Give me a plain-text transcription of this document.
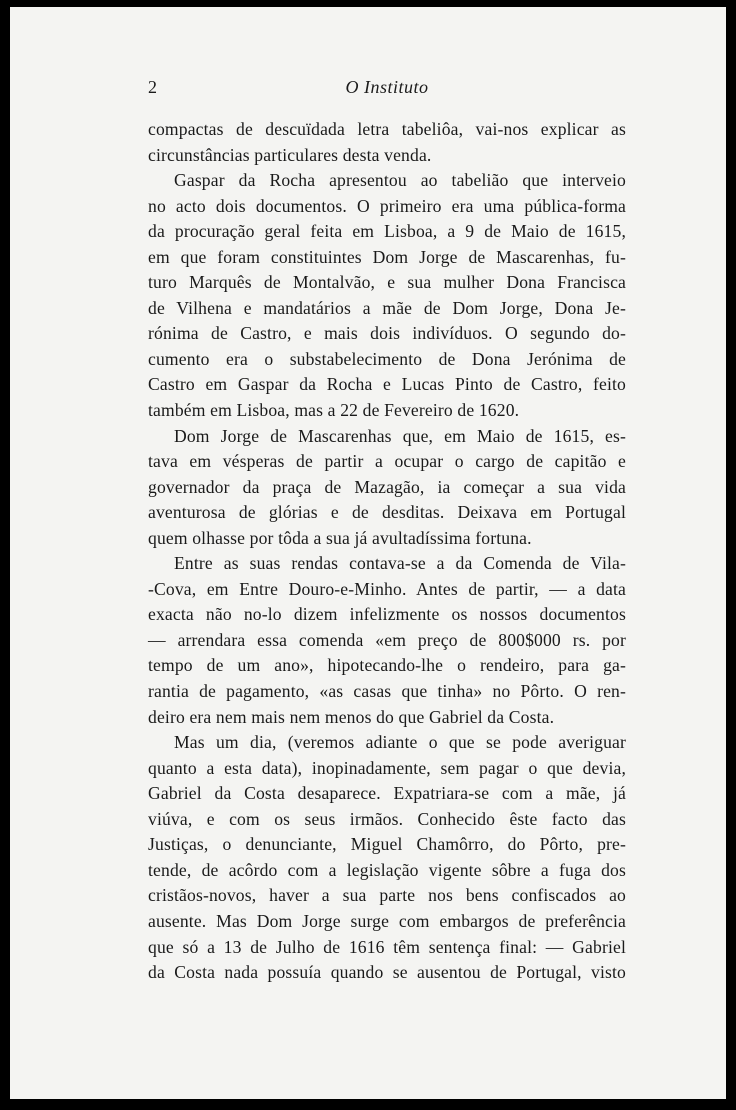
2	O Instituto
compactas de descuïdada letra tabeliôa, vai-nos explicar as
circunstâncias particulares desta venda.
Gaspar da Rocha apresentou ao tabelião que interveio
no acto dois documentos. O primeiro era uma pública-forma
da procuração geral feita em Lisboa, a 9 de Maio de 1615,
em que foram constituintes Dom Jorge de Mascarenhas, fu-
turo Marquês de Montalvão, e sua mulher Dona Francisca
de Vilhena e mandatários a mãe de Dom Jorge, Dona Je-
rónima de Castro, e mais dois indivíduos. O segundo do-
cumento era o substabelecimento de Dona Jerónima de
Castro em Gaspar da Rocha e Lucas Pinto de Castro, feito
também em Lisboa, mas a 22 de Fevereiro de 1620.
Dom Jorge de Mascarenhas que, em Maio de 1615, es-
tava em vésperas de partir a ocupar o cargo de capitão e
governador da praça de Mazagão, ia começar a sua vida
aventurosa de glórias e de desditas. Deixava em Portugal
quem olhasse por tôda a sua já avultadíssima fortuna.
Entre as suas rendas contava-se a da Comenda de Vila-
-Cova, em Entre Douro-e-Minho. Antes de partir, — a data
exacta não no-lo dizem infelizmente os nossos documentos
— arrendara essa comenda «em preço de 800$000 rs. por
tempo de um ano», hipotecando-lhe o rendeiro, para ga-
rantia de pagamento, «as casas que tinha» no Pôrto. O ren-
deiro era nem mais nem menos do que Gabriel da Costa.
Mas um dia, (veremos adiante o que se pode averiguar
quanto a esta data), inopinadamente, sem pagar o que devia,
Gabriel da Costa desaparece. Expatriara-se com a mãe, já
viúva, e com os seus irmãos. Conhecido êste facto das
Justiças, o denunciante, Miguel Chamôrro, do Pôrto, pre-
tende, de acôrdo com a legislação vigente sôbre a fuga dos
cristãos-novos, haver a sua parte nos bens confiscados ao
ausente. Mas Dom Jorge surge com embargos de preferência
que só a 13 de Julho de 1616 têm sentença final: — Gabriel
da Costa nada possuía quando se ausentou de Portugal, visto
